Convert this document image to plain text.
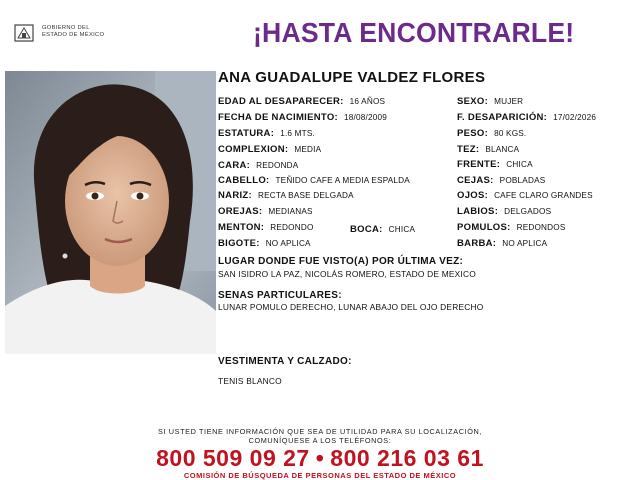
GOBIERNO DEL
ESTADO DE MÉXICO	¡HASTA ENCONTRARLE!
ANA GUADALUPE VALDEZ FLORES
EDAD AL DESAPARECER: 16 AÑOS
FECHA DE NACIMIENTO: 18/08/2009
ESTATURA: 1.6 MTS.
COMPLEXION: MEDIA
CARA: REDONDA
CABELLO: TEÑIDO CAFE A MEDIA ESPALDA
NARIZ: RECTA BASE DELGADA
OREJAS: MEDIANAS
MENTON: REDONDO
BIGOTE: NO APLICA
BOCA: CHICA
SEXO: MUJER
F. DESAPARICIÓN: 17/02/2026
PESO: 80 KGS.
TEZ: BLANCA
FRENTE: CHICA
CEJAS: POBLADAS
OJOS: CAFE CLARO GRANDES
LABIOS: DELGADOS
POMULOS: REDONDOS
BARBA: NO APLICA
LUGAR DONDE FUE VISTO(A) POR ÚLTIMA VEZ:
SAN ISIDRO LA PAZ, NICOLÁS ROMERO, ESTADO DE MEXICO
SENAS PARTICULARES:
LUNAR POMULO DERECHO, LUNAR ABAJO DEL OJO DERECHO
VESTIMENTA Y CALZADO:
TENIS BLANCO
SI USTED TIENE INFORMACIÓN QUE SEA DE UTILIDAD PARA SU LOCALIZACIÓN,
COMUNÍQUESE A LOS TELÉFONOS:
800 509 09 27 • 800 216 03 61
COMISIÓN DE BÚSQUEDA DE PERSONAS DEL ESTADO DE MÉXICO
